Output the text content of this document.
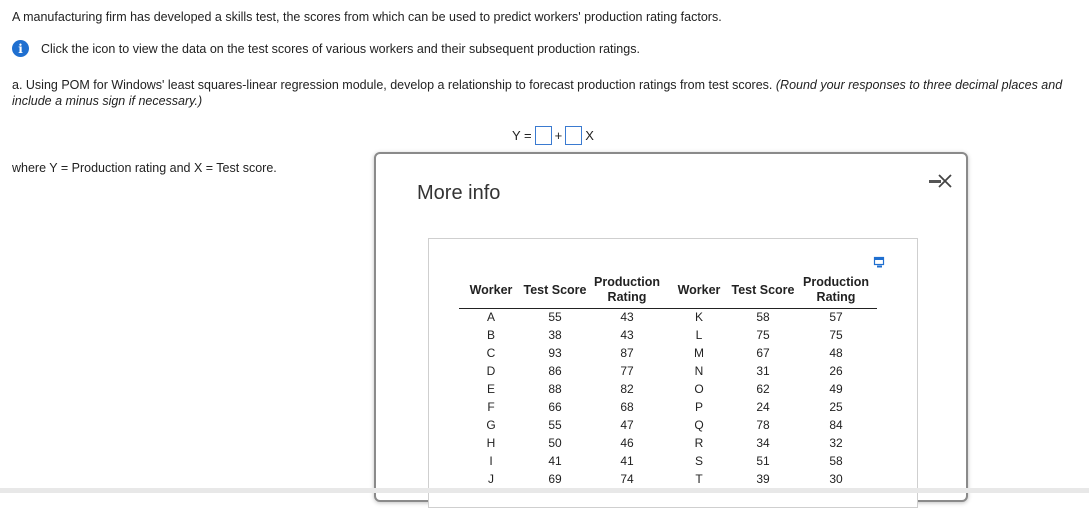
A manufacturing firm has developed a skills test, the scores from which can be used to predict workers' production rating factors.
i	Click the icon to view the data on the test scores of various workers and their subsequent production ratings.
a. Using POM for Windows' least squares-linear regression module, develop a relationship to forecast production ratings from test scores. (Round your responses to three decimal places and include a minus sign if necessary.)
Y = + X
where Y = Production rating and X = Test score.
More info
Worker	Test Score	Production Rating	Worker	Test Score	Production Rating
A	55	43	K	58	57
B	38	43	L	75	75
C	93	87	M	67	48
D	86	77	N	31	26
E	88	82	O	62	49
F	66	68	P	24	25
G	55	47	Q	78	84
H	50	46	R	34	32
I	41	41	S	51	58
J	69	74	T	39	30
